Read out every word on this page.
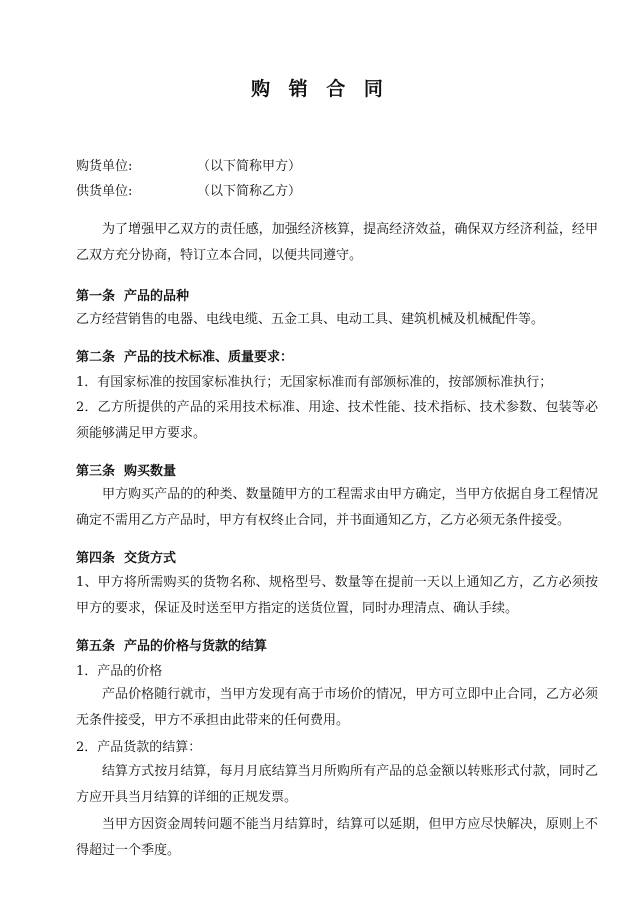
购 销 合 同
购货单位:	（以下简称甲方）
供货单位:	（以下简称乙方）
为了增强甲乙双方的责任感，加强经济核算，提高经济效益，确保双方经济利益，经甲乙双方充分协商，特订立本合同，以便共同遵守。
第一条 产品的品种
乙方经营销售的电器、电线电缆、五金工具、电动工具、建筑机械及机械配件等。
第二条 产品的技术标准、质量要求：
1．有国家标准的按国家标准执行；无国家标准而有部颁标准的，按部颁标准执行；
2．乙方所提供的产品的采用技术标准、用途、技术性能、技术指标、技术参数、包装等必须能够满足甲方要求。
第三条 购买数量
甲方购买产品的的种类、数量随甲方的工程需求由甲方确定，当甲方依据自身工程情况确定不需用乙方产品时，甲方有权终止合同，并书面通知乙方，乙方必须无条件接受。
第四条 交货方式
1、甲方将所需购买的货物名称、规格型号、数量等在提前一天以上通知乙方，乙方必须按甲方的要求，保证及时送至甲方指定的送货位置，同时办理清点、确认手续。
第五条 产品的价格与货款的结算
1．产品的价格
产品价格随行就市，当甲方发现有高于市场价的情况，甲方可立即中止合同，乙方必须无条件接受，甲方不承担由此带来的任何费用。
2．产品货款的结算：
结算方式按月结算，每月月底结算当月所购所有产品的总金额以转账形式付款，同时乙方应开具当月结算的详细的正规发票。
当甲方因资金周转问题不能当月结算时，结算可以延期，但甲方应尽快解决，原则上不得超过一个季度。
